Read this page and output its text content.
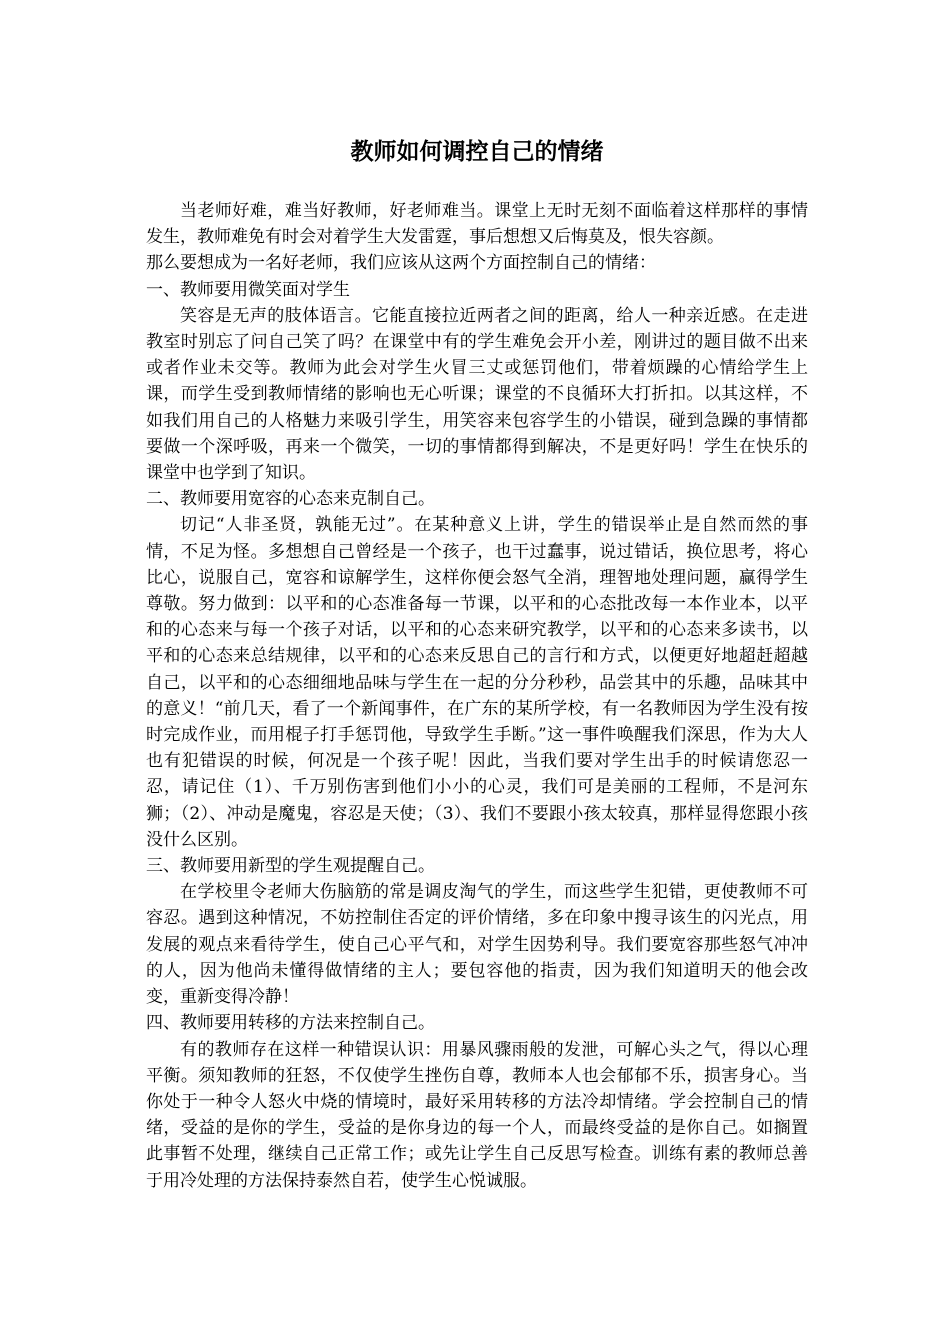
教师如何调控自己的情绪

当老师好难，难当好教师，好老师难当。课堂上无时无刻不面临着这样那样的事情发生，教师难免有时会对着学生大发雷霆，事后想想又后悔莫及，恨失容颜。

那么要想成为一名好老师，我们应该从这两个方面控制自己的情绪：

一、教师要用微笑面对学生

笑容是无声的肢体语言。它能直接拉近两者之间的距离，给人一种亲近感。在走进教室时别忘了问自己笑了吗？在课堂中有的学生难免会开小差，刚讲过的题目做不出来或者作业未交等。教师为此会对学生火冒三丈或惩罚他们，带着烦躁的心情给学生上课，而学生受到教师情绪的影响也无心听课；课堂的不良循环大打折扣。以其这样，不如我们用自己的人格魅力来吸引学生，用笑容来包容学生的小错误，碰到急躁的事情都要做一个深呼吸，再来一个微笑，一切的事情都得到解决，不是更好吗！学生在快乐的课堂中也学到了知识。

二、教师要用宽容的心态来克制自己。

切记“人非圣贤，孰能无过”。在某种意义上讲，学生的错误举止是自然而然的事情，不足为怪。多想想自己曾经是一个孩子，也干过蠢事，说过错话，换位思考，将心比心，说服自己，宽容和谅解学生，这样你便会怒气全消，理智地处理问题，赢得学生尊敬。努力做到：以平和的心态准备每一节课，以平和的心态批改每一本作业本，以平和的心态来与每一个孩子对话，以平和的心态来研究教学，以平和的心态来多读书，以平和的心态来总结规律，以平和的心态来反思自己的言行和方式，以便更好地超赶超越自己，以平和的心态细细地品味与学生在一起的分分秒秒，品尝其中的乐趣，品味其中的意义！“前几天，看了一个新闻事件，在广东的某所学校，有一名教师因为学生没有按时完成作业，而用棍子打手惩罚他，导致学生手断。”这一事件唤醒我们深思，作为大人也有犯错误的时候，何况是一个孩子呢！因此，当我们要对学生出手的时候请您忍一忍，请记住（1）、千万别伤害到他们小小的心灵，我们可是美丽的工程师，不是河东狮；（2）、冲动是魔鬼，容忍是天使；（3）、我们不要跟小孩太较真，那样显得您跟小孩没什么区别。

三、教师要用新型的学生观提醒自己。

在学校里令老师大伤脑筋的常是调皮淘气的学生，而这些学生犯错，更使教师不可容忍。遇到这种情况，不妨控制住否定的评价情绪，多在印象中搜寻该生的闪光点，用发展的观点来看待学生，使自己心平气和，对学生因势利导。我们要宽容那些怒气冲冲的人，因为他尚未懂得做情绪的主人；要包容他的指责，因为我们知道明天的他会改变，重新变得冷静！

四、教师要用转移的方法来控制自己。

有的教师存在这样一种错误认识：用暴风骤雨般的发泄，可解心头之气，得以心理平衡。须知教师的狂怒，不仅使学生挫伤自尊，教师本人也会郁郁不乐，损害身心。当你处于一种令人怒火中烧的情境时，最好采用转移的方法冷却情绪。学会控制自己的情绪，受益的是你的学生，受益的是你身边的每一个人，而最终受益的是你自己。如搁置此事暂不处理，继续自己正常工作；或先让学生自己反思写检查。训练有素的教师总善于用冷处理的方法保持泰然自若，使学生心悦诚服。
